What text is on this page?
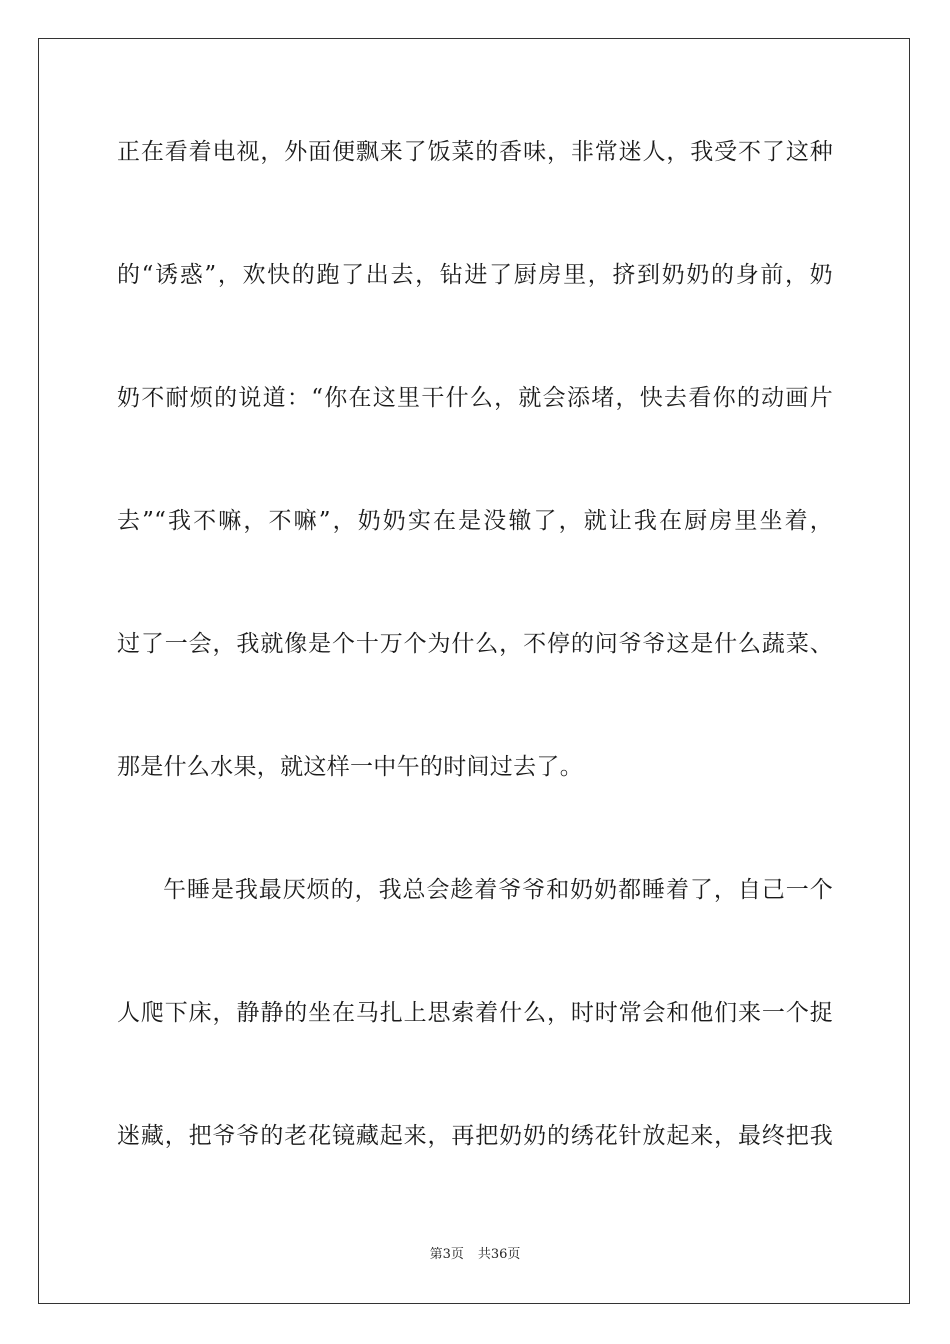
正在看着电视，外面便飘来了饭菜的香味，非常迷人，我受不了这种
的“诱惑”，欢快的跑了出去，钻进了厨房里，挤到奶奶的身前，奶
奶不耐烦的说道：“你在这里干什么，就会添堵，快去看你的动画片
去”“我不嘛，不嘛”，奶奶实在是没辙了，就让我在厨房里坐着，
过了一会，我就像是个十万个为什么，不停的问爷爷这是什么蔬菜、
那是什么水果，就这样一中午的时间过去了。
午睡是我最厌烦的，我总会趁着爷爷和奶奶都睡着了，自己一个
人爬下床，静静的坐在马扎上思索着什么，时时常会和他们来一个捉
迷藏，把爷爷的老花镜藏起来，再把奶奶的绣花针放起来，最终把我
第3页 共36页
